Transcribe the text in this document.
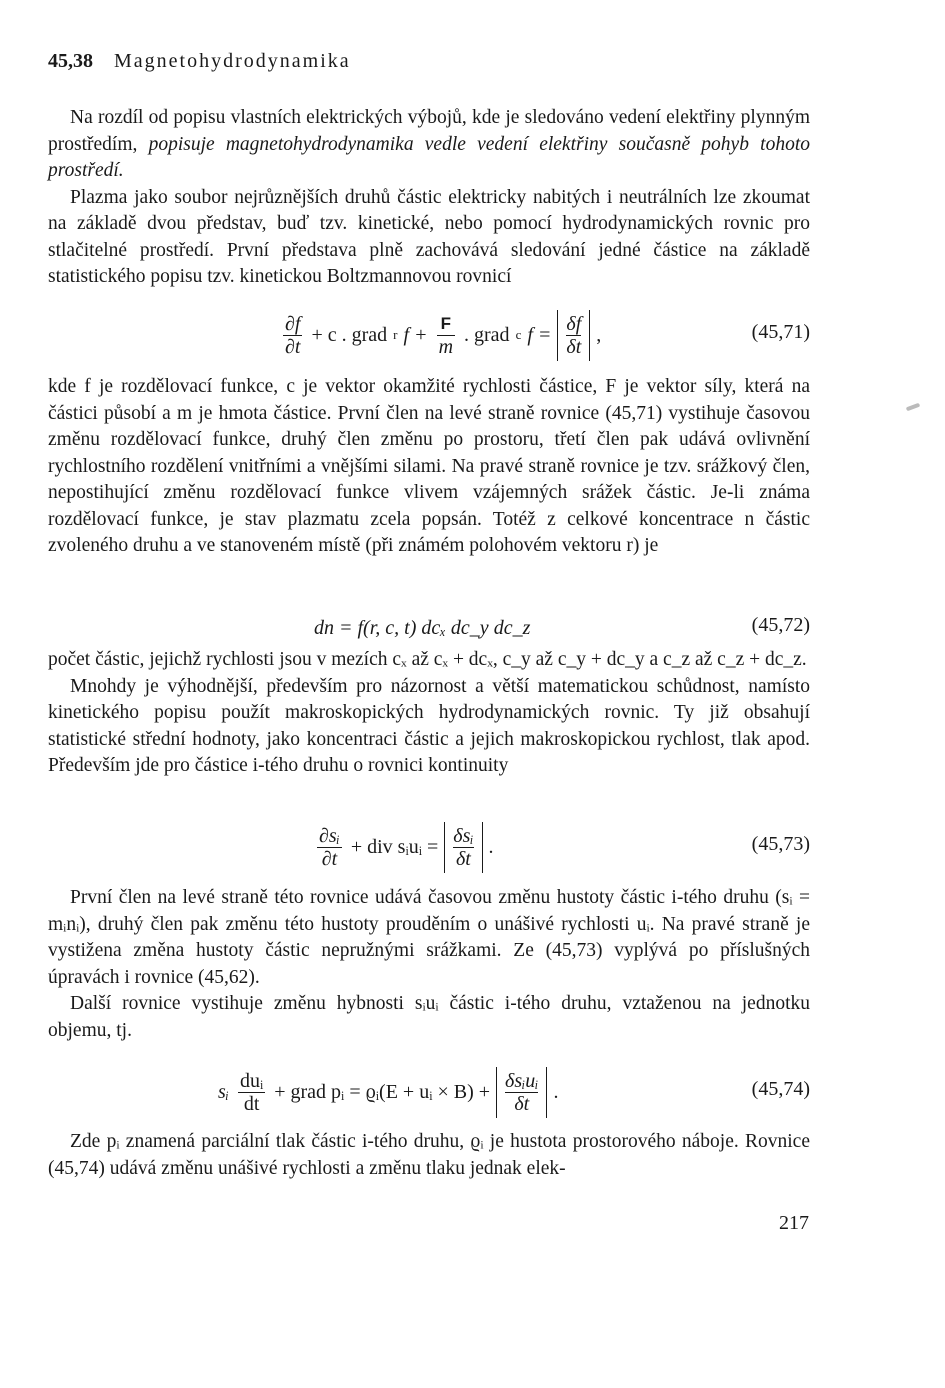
45,38 Magnetohydrodynamika

Na rozdíl od popisu vlastních elektrických výbojů, kde je sledováno vedení elektřiny plynným prostředím, popisuje magnetohydrodynamika vedle vedení elektřiny současně pohyb tohoto prostředí.

Plazma jako soubor nejrůznějších druhů částic elektricky nabitých i neutrálních lze zkoumat na základě dvou představ, buď tzv. kinetické, nebo pomocí hydrodynamických rovnic pro stlačitelné prostředí. První představa plně zachovává sledování jedné částice na základě statistického popisu tzv. kinetickou Boltzmannovou rovnicí

$\frac{\partial f}{\partial t} + c$ . grad r $f + \frac{F}{m}$ . grad c f = δf
δt
,	(45,71)

kde f je rozdělovací funkce, c je vektor okamžité rychlosti částice, F je vektor síly, která na částici působí a m je hmota částice. První člen na levé straně rovnice (45,71) vystihuje časovou změnu rozdělovací funkce, druhý člen změnu po prostoru, třetí člen pak udává ovlivnění rychlostního rozdělení vnitřními a vnějšími silami. Na pravé straně rovnice je tzv. srážkový člen, nepostihující změnu rozdělovací funkce vlivem vzájemných srážek částic. Je-li známa rozdělovací funkce, je stav plazmatu zcela popsán. Totéž z celkové koncentrace n částic zvoleného druhu a ve stanoveném místě (při známém polohovém vektoru r) je

dn = f(r, c, t) dcₓ dc_y dc_z	(45,72)

počet částic, jejichž rychlosti jsou v mezích cₓ až cₓ + dcₓ, c_y až c_y + dc_y a c_z až c_z + dc_z.

Mnohdy je výhodnější, především pro názornost a větší matematickou schůdnost, namísto kinetického popisu použít makroskopických hydrodynamických rovnic. Ty již obsahují statistické střední hodnoty, jako koncentraci částic a jejich makroskopickou rychlost, tlak apod. Především jde pro částice i-tého druhu o rovnici kontinuity

$\frac{\text{∂sᵢ}}{\partial t}$ + div sᵢuᵢ = δsᵢ
δt
.	(45,73)

První člen na levé straně této rovnice udává časovou změnu hustoty částic i-tého druhu (sᵢ = mᵢnᵢ), druhý člen pak změnu této hustoty prouděním o unášivé rychlosti uᵢ. Na pravé straně je vystižena změna hustoty částic nepružnými srážkami. Ze (45,73) vyplývá po příslušných úpravách i rovnice (45,62).

Další rovnice vystihuje změnu hybnosti sᵢuᵢ částic i-tého druhu, vztaženou na jednotku objemu, tj.

sᵢ $\frac{\text{duᵢ}}{dt}$ + grad pᵢ = ϱᵢ(E + uᵢ × B) + δsᵢuᵢ
δt
.	(45,74)

Zde pᵢ znamená parciální tlak částic i-tého druhu, ϱᵢ je hustota prostorového náboje. Rovnice (45,74) udává změnu unášivé rychlosti a změnu tlaku jednak elek-

217
